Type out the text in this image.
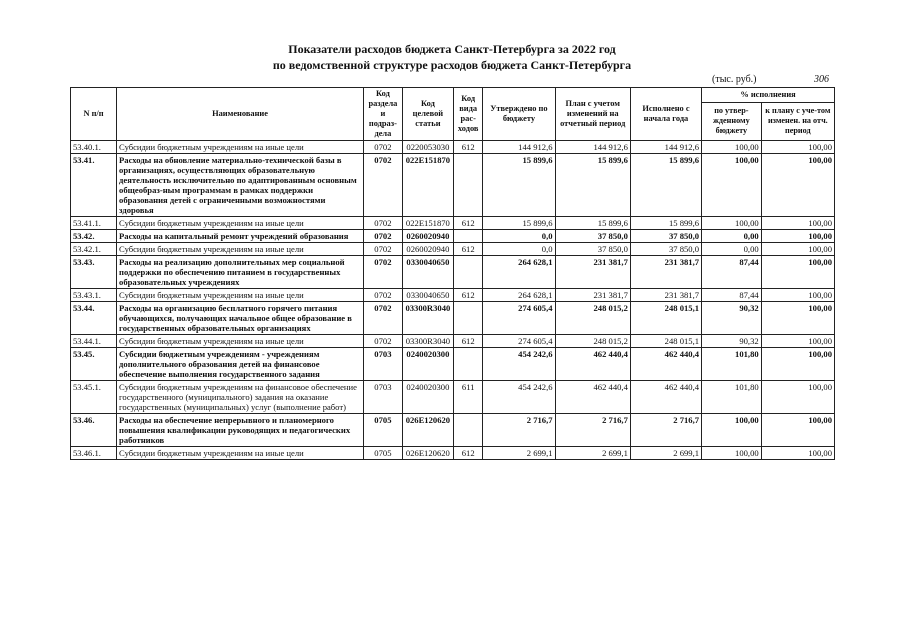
Показатели расходов бюджета Санкт-Петербурга за 2022 год
по ведомственной структуре расходов бюджета Санкт-Петербурга
(тыс. руб.)	306
N п/п	Наименование	Код раздела и подраз-дела	Код целевой статьи	Код вида рас-ходов	Утверждено по бюджету	План с учетом изменений на отчетный период	Исполнено с начала года	% исполнения	
								по утвер-жденному бюджету	к плану с уче-том изменен. на отч. период
53.40.1.	Субсидии бюджетным учреждениям на иные цели	0702	0220053030	612	144 912,6	144 912,6	144 912,6	100,00	100,00
53.41.	Расходы на обновление материально-технической базы в организациях, осуществляющих образовательную деятельность исключительно по адаптированным основным общеобраз-ным программам в рамках поддержки образования детей с ограниченными возможностями здоровья	0702	022E151870		15 899,6	15 899,6	15 899,6	100,00	100,00
53.41.1.	Субсидии бюджетным учреждениям на иные цели	0702	022E151870	612	15 899,6	15 899,6	15 899,6	100,00	100,00
53.42.	Расходы на капитальный ремонт учреждений образования	0702	0260020940		0,0	37 850,0	37 850,0	0,00	100,00
53.42.1.	Субсидии бюджетным учреждениям на иные цели	0702	0260020940	612	0,0	37 850,0	37 850,0	0,00	100,00
53.43.	Расходы на реализацию дополнительных мер социальной поддержки по обеспечению питанием в государственных образовательных учреждениях	0702	0330040650		264 628,1	231 381,7	231 381,7	87,44	100,00
53.43.1.	Субсидии бюджетным учреждениям на иные цели	0702	0330040650	612	264 628,1	231 381,7	231 381,7	87,44	100,00
53.44.	Расходы на организацию бесплатного горячего питания обучающихся, получающих начальное общее образование в государственных образовательных организациях	0702	03300R3040		274 605,4	248 015,2	248 015,1	90,32	100,00
53.44.1.	Субсидии бюджетным учреждениям на иные цели	0702	03300R3040	612	274 605,4	248 015,2	248 015,1	90,32	100,00
53.45.	Субсидии бюджетным учреждениям - учреждениям дополнительного образования детей на финансовое обеспечение выполнения государственного задания	0703	0240020300		454 242,6	462 440,4	462 440,4	101,80	100,00
53.45.1.	Субсидии бюджетным учреждениям на финансовое обеспечение государственного (муниципального) задания на оказание государственных (муниципальных) услуг (выполнение работ)	0703	0240020300	611	454 242,6	462 440,4	462 440,4	101,80	100,00
53.46.	Расходы на обеспечение непрерывного и планомерного повышения квалификации руководящих и педагогических работников	0705	026E120620		2 716,7	2 716,7	2 716,7	100,00	100,00
53.46.1.	Субсидии бюджетным учреждениям на иные цели	0705	026E120620	612	2 699,1	2 699,1	2 699,1	100,00	100,00
